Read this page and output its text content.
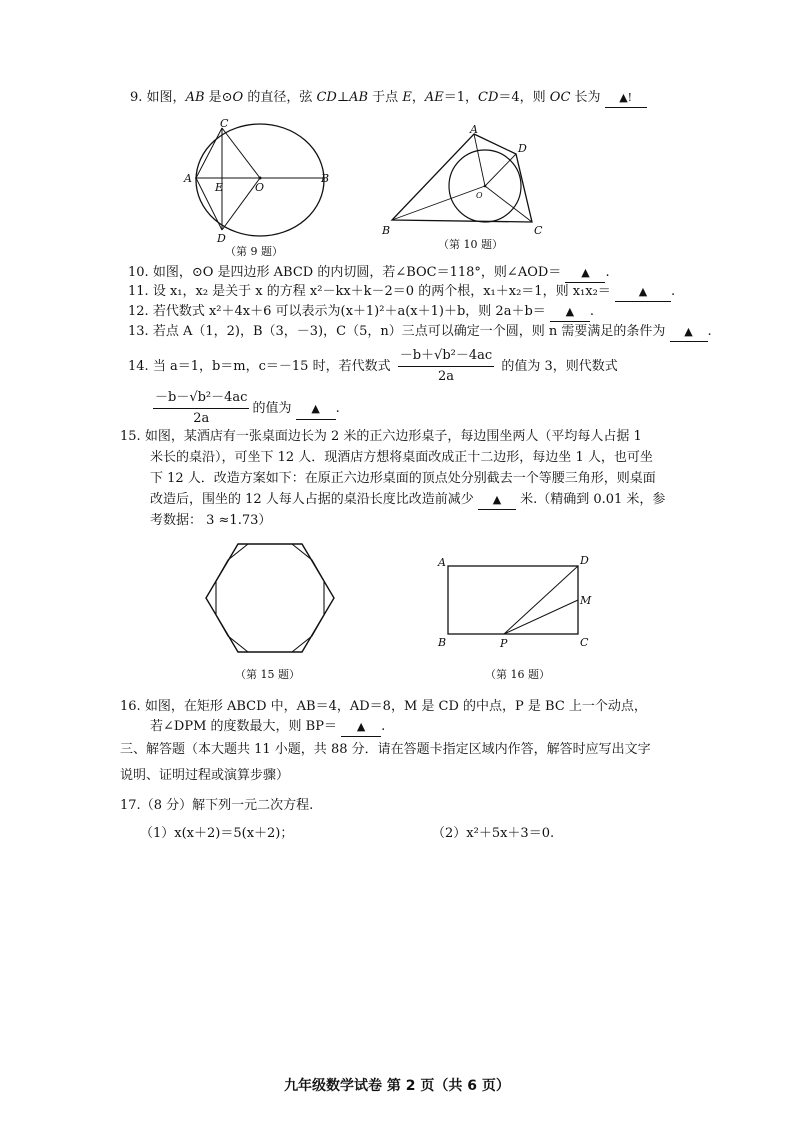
9. 如图，AB 是⊙O 的直径，弦 CD⊥AB 于点 E，AE＝1，CD＝4，则 OC 长为 ▲!
C
A
E	O
B
D
（第 9 题）
A
D
O
B	C
（第 10 题）
10. 如图，⊙O 是四边形 ABCD 的内切圆，若∠BOC＝118°，则∠AOD＝ ▲ .
11. 设 x₁，x₂ 是关于 x 的方程 x²－kx＋k－2＝0 的两个根，x₁＋x₂＝1，则 x₁x₂＝	▲ .
12. 若代数式 x²＋4x＋6 可以表示为(x＋1)²＋a(x＋1)＋b，则 2a＋b＝ ▲ .
13. 若点 A（1，2)，B（3，－3)，C（5，n）三点可以确定一个圆，则 n 需要满足的条件为 ▲ .
14. 当 a＝1，b＝m，c＝－15 时，若代数式 $\frac{\text{－b＋√b²－4ac}}{2a}$ 的值为 3，则代数式
$\frac{\text{－b－√b²－4ac}}{2a}$ 的值为 ▲ .
15. 如图，某酒店有一张桌面边长为 2 米的正六边形桌子，每边围坐两人（平均每人占据 1
米长的桌沿），可坐下 12 人．现酒店方想将桌面改成正十二边形，每边坐 1 人，也可坐
下 12 人．改造方案如下：在原正六边形桌面的顶点处分别截去一个等腰三角形，则桌面
改造后，围坐的 12 人每人占据的桌沿长度比改造前减少 ▲ 米.（精确到 0.01 米，参
考数据： 3 ≈1.73）
（第 15 题）
A	D
M
B	P	C
（第 16 题）
16. 如图，在矩形 ABCD 中，AB＝4，AD＝8，M 是 CD 的中点，P 是 BC 上一个动点，
若∠DPM 的度数最大，则 BP＝ ▲ .
三、解答题（本大题共 11 小题，共 88 分．请在答题卡指定区域内作答，解答时应写出文字
说明、证明过程或演算步骤）
17.（8 分）解下列一元二次方程.
（1）x(x＋2)＝5(x＋2)；	（2）x²＋5x＋3＝0.
九年级数学试卷 第 2 页（共 6 页）
